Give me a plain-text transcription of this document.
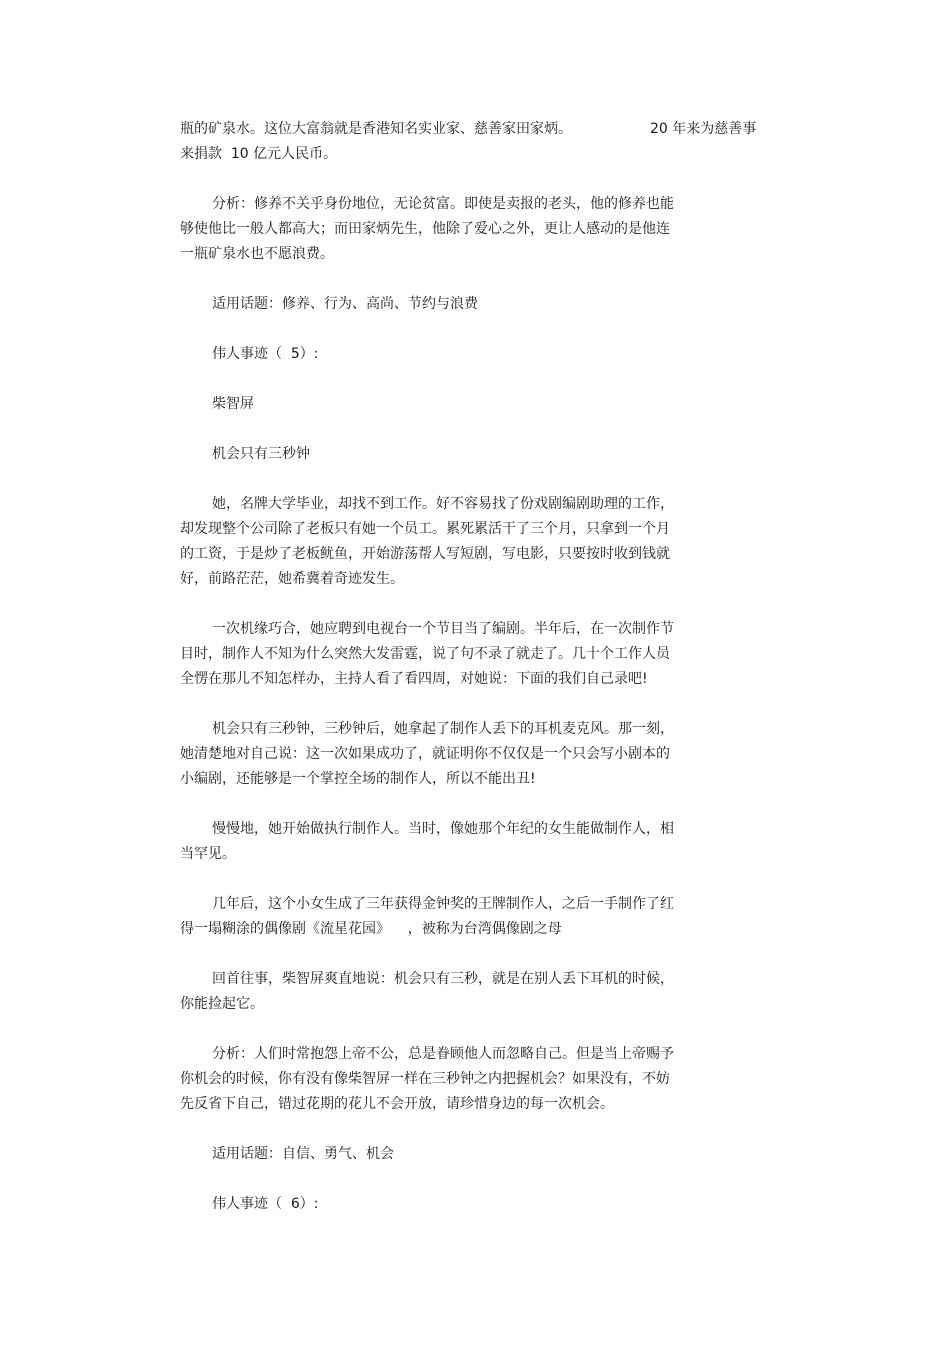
瓶的矿泉水。这位大富翁就是香港知名实业家、慈善家田家炳。	20 年来为慈善事
来捐款  10 亿元人民币。
分析：修养不关乎身份地位，无论贫富。即使是卖报的老头，他的修养也能
够使他比一般人都高大；而田家炳先生，他除了爱心之外，更让人感动的是他连
一瓶矿泉水也不愿浪费。
适用话题：修养、行为、高尚、节约与浪费
伟人事迹（  5）:
柴智屏
机会只有三秒钟
她，名牌大学毕业，却找不到工作。好不容易找了份戏剧编剧助理的工作，
却发现整个公司除了老板只有她一个员工。累死累活干了三个月，只拿到一个月
的工资，于是炒了老板鱿鱼，开始游荡帮人写短剧，写电影，只要按时收到钱就
好，前路茫茫，她希冀着奇迹发生。
一次机缘巧合，她应聘到电视台一个节目当了编剧。半年后，在一次制作节
目时，制作人不知为什么突然大发雷霆，说了句不录了就走了。几十个工作人员
全愣在那儿不知怎样办，主持人看了看四周，对她说：下面的我们自己录吧!
机会只有三秒钟，三秒钟后，她拿起了制作人丢下的耳机麦克风。那一刻，
她清楚地对自己说：这一次如果成功了，就证明你不仅仅是一个只会写小剧本的
小编剧，还能够是一个掌控全场的制作人，所以不能出丑!
慢慢地，她开始做执行制作人。当时，像她那个年纪的女生能做制作人，相
当罕见。
几年后，这个小女生成了三年获得金钟奖的王牌制作人，之后一手制作了红
得一塌糊涂的偶像剧《流星花园》    ，被称为台湾偶像剧之母
回首往事，柴智屏爽直地说：机会只有三秒，就是在别人丢下耳机的时候，
你能捡起它。
分析：人们时常抱怨上帝不公，总是眷顾他人而忽略自己。但是当上帝赐予
你机会的时候，你有没有像柴智屏一样在三秒钟之内把握机会？如果没有，不妨
先反省下自己，错过花期的花儿不会开放，请珍惜身边的每一次机会。
适用话题：自信、勇气、机会
伟人事迹（  6）:
